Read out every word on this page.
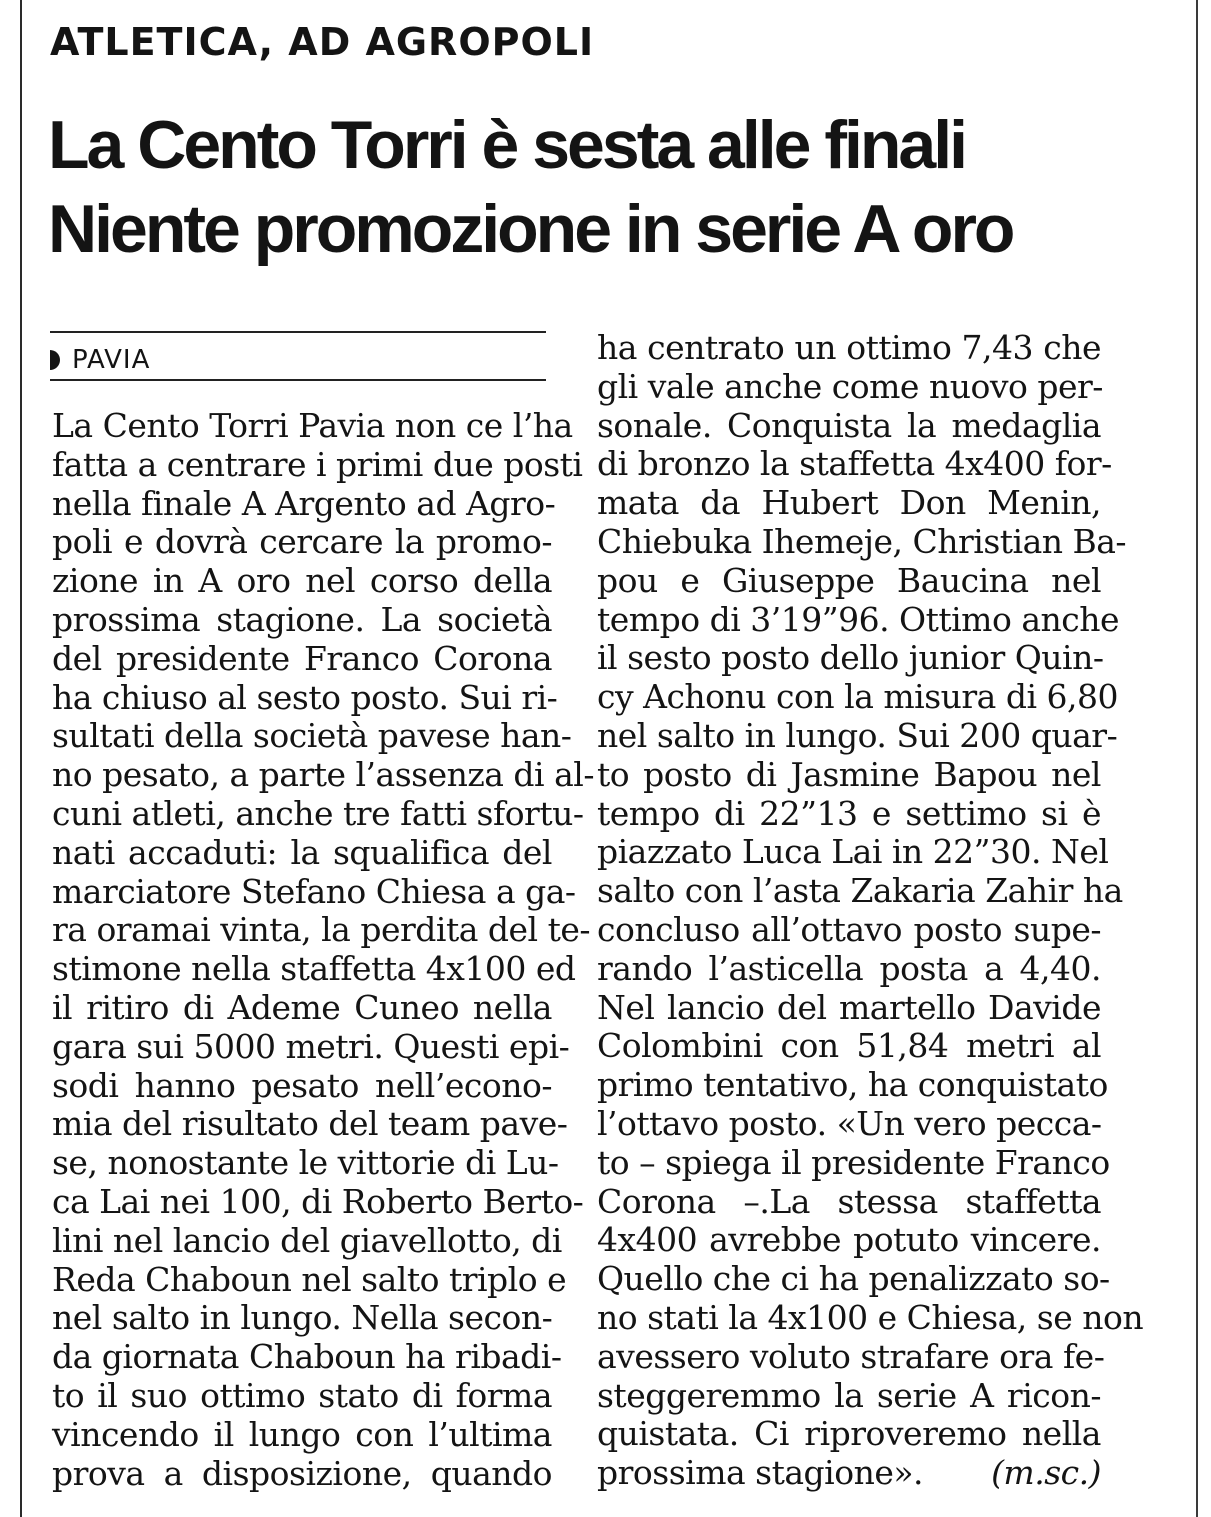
ATLETICA, AD AGROPOLI
La Cento Torri è sesta alle finali
Niente promozione in serie A oro
PAVIA
La Cento Torri Pavia non ce l’ha
fatta a centrare i primi due posti
nella finale A Argento ad Agro-
poli e dovrà cercare la promo-
zione in A oro nel corso della
prossima stagione. La società
del presidente Franco Corona
ha chiuso al sesto posto. Sui ri-
sultati della società pavese han-
no pesato, a parte l’assenza di al-
cuni atleti, anche tre fatti sfortu-
nati accaduti: la squalifica del
marciatore Stefano Chiesa a ga-
ra oramai vinta, la perdita del te-
stimone nella staffetta 4x100 ed
il ritiro di Ademe Cuneo nella
gara sui 5000 metri. Questi epi-
sodi hanno pesato nell’econo-
mia del risultato del team pave-
se, nonostante le vittorie di Lu-
ca Lai nei 100, di Roberto Berto-
lini nel lancio del giavellotto, di
Reda Chaboun nel salto triplo e
nel salto in lungo. Nella secon-
da giornata Chaboun ha ribadi-
to il suo ottimo stato di forma
vincendo il lungo con l’ultima
prova a disposizione, quando
ha centrato un ottimo 7,43 che
gli vale anche come nuovo per-
sonale. Conquista la medaglia
di bronzo la staffetta 4x400 for-
mata da Hubert Don Menin,
Chiebuka Ihemeje, Christian Ba-
pou e Giuseppe Baucina nel
tempo di 3’19”96. Ottimo anche
il sesto posto dello junior Quin-
cy Achonu con la misura di 6,80
nel salto in lungo. Sui 200 quar-
to posto di Jasmine Bapou nel
tempo di 22”13 e settimo si è
piazzato Luca Lai in 22”30. Nel
salto con l’asta Zakaria Zahir ha
concluso all’ottavo posto supe-
rando l’asticella posta a 4,40.
Nel lancio del martello Davide
Colombini con 51,84 metri al
primo tentativo, ha conquistato
l’ottavo posto. «Un vero pecca-
to – spiega il presidente Franco
Corona –.La stessa staffetta
4x400 avrebbe potuto vincere.
Quello che ci ha penalizzato so-
no stati la 4x100 e Chiesa, se non
avessero voluto strafare ora fe-
steggeremmo la serie A ricon-
quistata. Ci riproveremo nella
prossima stagione». (m.sc.)
